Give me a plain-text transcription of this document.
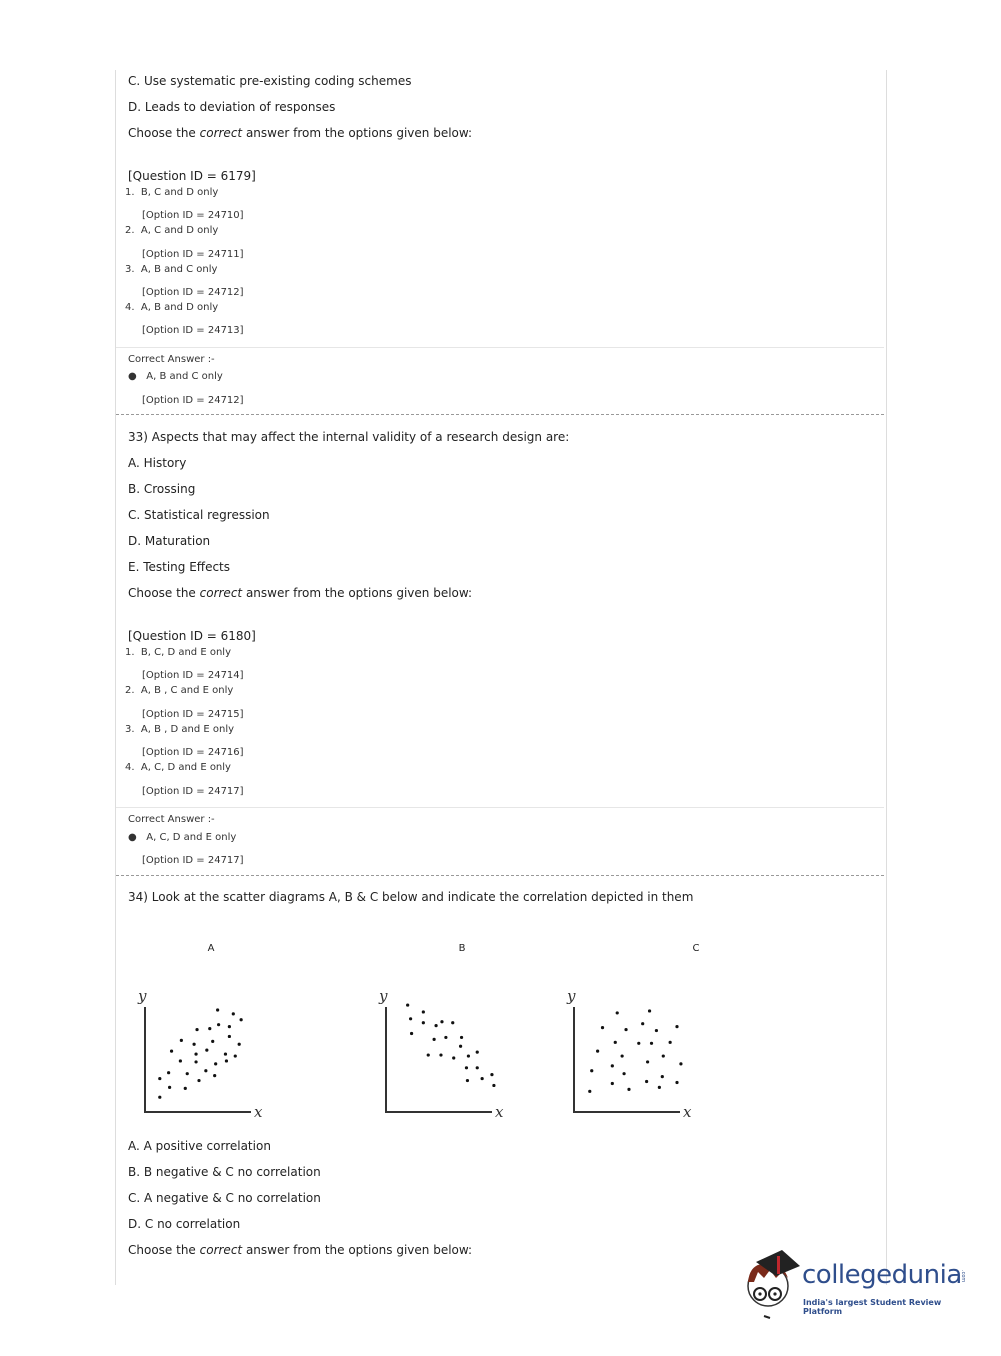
C. Use systematic pre-existing coding schemes
D. Leads to deviation of responses
Choose the correct answer from the options given below:
[Question ID = 6179]
1. B, C and D only
[Option ID = 24710]
2. A, C and D only
[Option ID = 24711]
3. A, B and C only
[Option ID = 24712]
4. A, B and D only
[Option ID = 24713]
Correct Answer :-
●   A, B and C only
[Option ID = 24712]
33) Aspects that may affect the internal validity of a research design are:
A. History
B. Crossing
C. Statistical regression
D. Maturation
E. Testing Effects
Choose the correct answer from the options given below:
[Question ID = 6180]
1. B, C, D and E only
[Option ID = 24714]
2. A, B , C and E only
[Option ID = 24715]
3. A, B , D and E only
[Option ID = 24716]
4. A, C, D and E only
[Option ID = 24717]
Correct Answer :-
●   A, C, D and E only
[Option ID = 24717]
34) Look at the scatter diagrams A, B & C below and indicate the correlation depicted in them
A	B	C
y
x
y
x
y
x
A. A positive correlation
B. B negative & C no correlation
C. A negative & C no correlation
D. C no correlation
Choose the correct answer from the options given below:
collegedunia
.com
India's largest Student Review Platform
